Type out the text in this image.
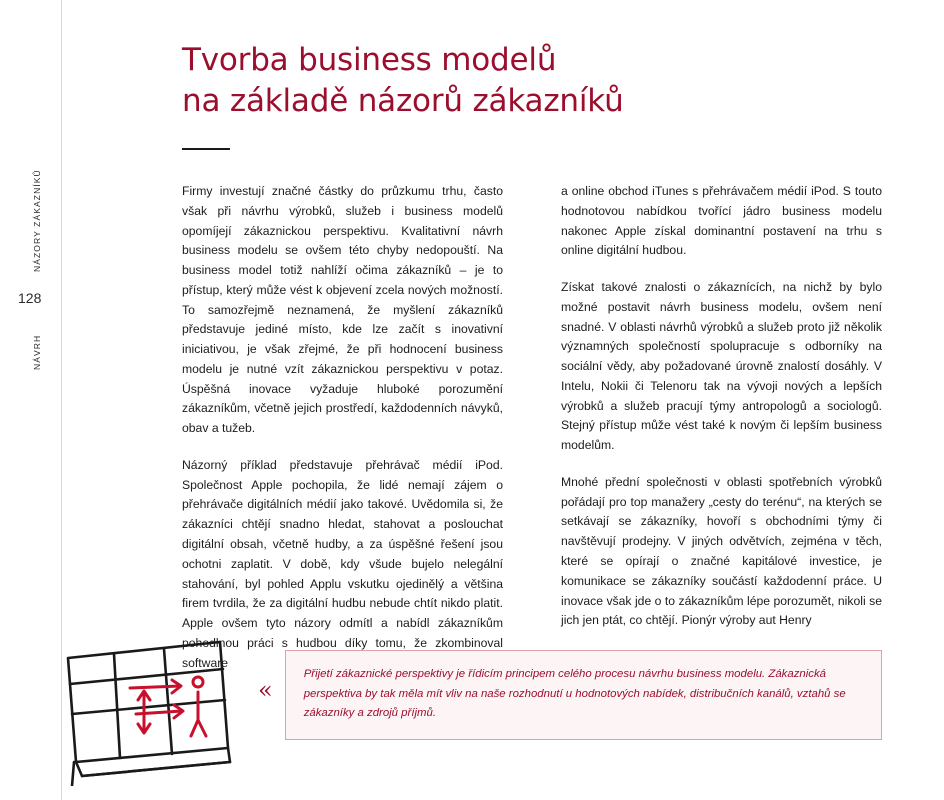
NÁZORY ZÁKAZNÍKŮ
128
NÁVRH
Tvorba business modelů
na základě názorů zákazníků

Firmy investují značné částky do průzkumu trhu, často však při návrhu výrobků, služeb i business modelů opomíjejí zákaznickou perspektivu. Kvalitativní návrh business modelu se ovšem této chyby nedopouští. Na business model totiž nahlíží očima zákazníků – je to přístup, který může vést k objevení zcela nových možností. To samozřejmě neznamená, že myšlení zákazníků představuje jediné místo, kde lze začít s inovativní iniciativou, je však zřejmé, že při hodnocení business modelu je nutné vzít zákaznickou perspektivu v potaz. Úspěšná inovace vyžaduje hluboké porozumění zákazníkům, včetně jejich prostředí, každodenních návyků, obav a tužeb.

Názorný příklad představuje přehrávač médií iPod. Společnost Apple pochopila, že lidé nemají zájem o přehrávače digitálních médií jako takové. Uvědomila si, že zákazníci chtějí snadno hledat, stahovat a poslouchat digitální obsah, včetně hudby, a za úspěšné řešení jsou ochotni zaplatit. V době, kdy všude bujelo nelegální stahování, byl pohled Applu vskutku ojedinělý a většina firem tvrdila, že za digitální hudbu nebude chtít nikdo platit. Apple ovšem tyto názory odmítl a nabídl zákazníkům pohodlnou práci s hudbou díky tomu, že zkombinoval software

a online obchod iTunes s přehrávačem médií iPod. S touto hodnotovou nabídkou tvořící jádro business modelu nakonec Apple získal dominantní postavení na trhu s online digitální hudbou.

Získat takové znalosti o zákaznících, na nichž by bylo možné postavit návrh business modelu, ovšem není snadné. V oblasti návrhů výrobků a služeb proto již několik významných společností spolupracuje s odborníky na sociální vědy, aby požadované úrovně znalostí dosáhly. V Intelu, Nokii či Telenoru tak na vývoji nových a lepších výrobků a služeb pracují týmy antropologů a sociologů. Stejný přístup může vést také k novým či lepším business modelům.

Mnohé přední společnosti v oblasti spotřebních výrobků pořádají pro top manažery „cesty do terénu“, na kterých se setkávají se zákazníky, hovoří s obchodními týmy či navštěvují prodejny. V jiných odvětvích, zejména v těch, které se opírají o značné kapitálové investice, je komunikace se zákazníky součástí každodenní práce. U inovace však jde o to zákazníkům lépe porozumět, nikoli se jich jen ptát, co chtějí. Pionýr výroby aut Henry

«

Přijetí zákaznické perspektivy je řídicím principem celého procesu návrhu business modelu. Zákaznická perspektiva by tak měla mít vliv na naše rozhodnutí u hodnotových nabídek, distribučních kanálů, vztahů se zákazníky a zdrojů příjmů.
